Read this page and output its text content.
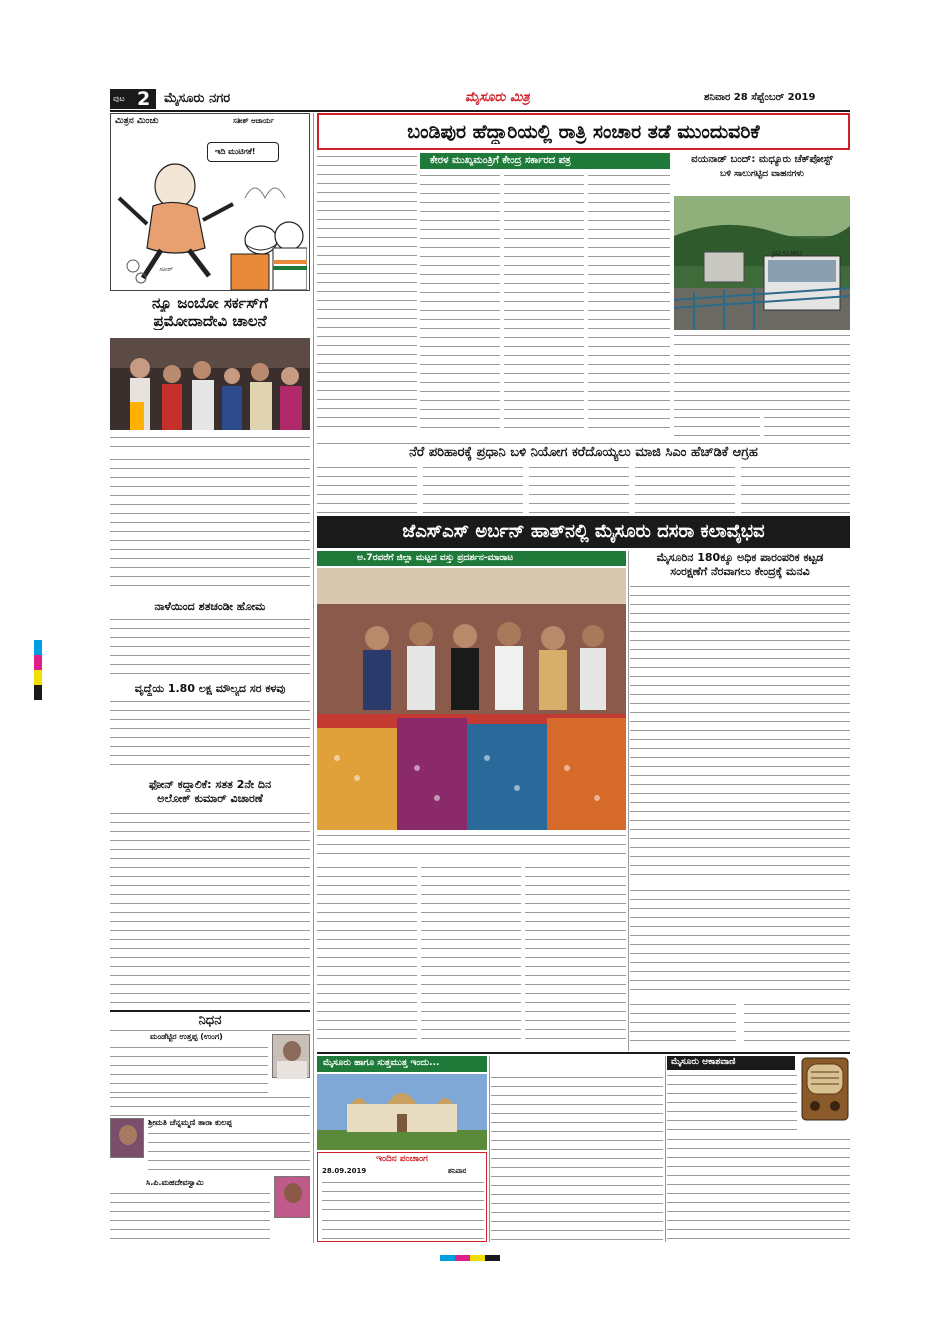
ಪುಟ 2 ಮೈಸೂರು ನಗರ	ಮೈಸೂರು ಮಿತ್ರ	ಶನಿವಾರ 28 ಸೆಪ್ಟೆಂಬರ್ 2019
ಮಿತ್ರನ ಮಿಂಚು	ಸತೀಶ್ ಆಚಾರ್ಯ
ಇದಿ ಮುಟಿಗಕೆ!
ಸತೀಶ್
ನ್ಯೂ ಜಂಬೋ ಸರ್ಕಸ್‌ಗೆ
ಪ್ರಮೋದಾದೇವಿ ಚಾಲನೆ
ನಾಳೆಯಿಂದ ಶತಚಂಡೀ ಹೋಮ
ವೃದ್ಧೆಯ 1.80 ಲಕ್ಷ ಮೌಲ್ಯದ ಸರ ಕಳವು
ಫೋನ್ ಕದ್ದಾಲಿಕೆ: ಸತತ 2ನೇ ದಿನ
ಅಲೋಕ್ ಕುಮಾರ್ ವಿಚಾರಣೆ
ನಿಧನ
ಮಂಡೆಟ್ಟಿರ ಉತ್ತಪ್ಪ (ಉಂಗ)
ಶ್ರೀಮತಿ ಚೆನ್ನಮ್ಮಣಿ ತಾರಾ ಕುಲಪ್ಪ
ಸಿ.ಪಿ.ಮಹದೇವಸ್ವಾಮಿ
ಬಂಡಿಪುರ ಹೆದ್ದಾರಿಯಲ್ಲಿ ರಾತ್ರಿ ಸಂಚಾರ ತಡೆ ಮುಂದುವರಿಕೆ
ಕೇರಳ ಮುಖ್ಯಮಂತ್ರಿಗೆ ಕೇಂದ್ರ ಸರ್ಕಾರದ ಪತ್ರ	ವಯನಾಡ್ ಬಂದ್: ಮಧ್ಯೂರು ಚೆಕ್‌ಪೋಸ್ಟ್
ಬಳಿ ಸಾಲುಗಟ್ಟಿದ ವಾಹನಗಳು
JALSURU
ನೆರೆ ಪರಿಹಾರಕ್ಕೆ ಪ್ರಧಾನಿ ಬಳಿ ನಿಯೋಗ ಕರೆದೊಯ್ಯಲು ಮಾಜಿ ಸಿಎಂ ಹೆಚ್‌ಡಿಕೆ ಆಗ್ರಹ
ಜೆಎಸ್‌ಎಸ್ ಅರ್ಬನ್ ಹಾತ್‌ನಲ್ಲಿ ಮೈಸೂರು ದಸರಾ ಕಲಾವೈಭವ
ಅ.7ರವರೆಗೆ ಜಿಲ್ಲಾ ಮಟ್ಟದ ವಸ್ತು ಪ್ರದರ್ಶನ-ಮಾರಾಟ	ಮೈಸೂರಿನ 180ಕ್ಕೂ ಅಧಿಕ ಪಾರಂಪರಿಕ ಕಟ್ಟಡ
ಸಂರಕ್ಷಣೆಗೆ ನೆರವಾಗಲು ಕೇಂದ್ರಕ್ಕೆ ಮನವಿ
ಮೈಸೂರು ಹಾಗೂ ಸುತ್ತಮುತ್ತ ಇಂದು...
ಇಂದಿನ ಪಂಚಾಂಗ
28.09.2019	ಶನಿವಾರ
ಮೈಸೂರು ಆಕಾಶವಾಣಿ
